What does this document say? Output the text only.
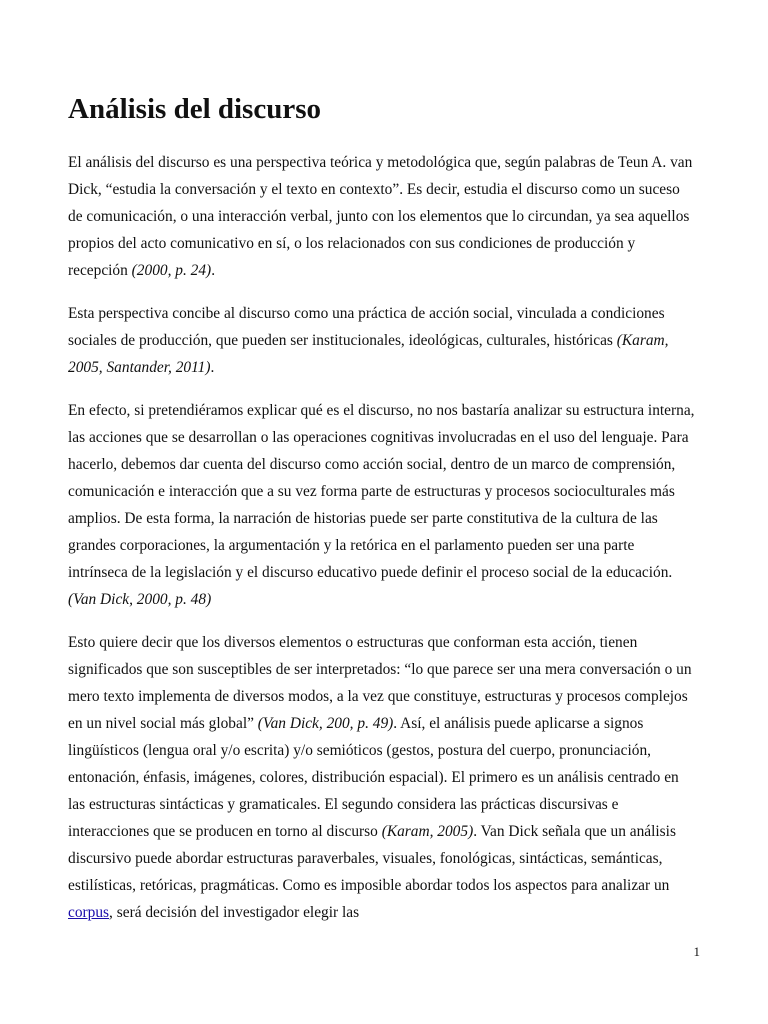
Análisis del discurso

El análisis del discurso es una perspectiva teórica y metodológica que, según palabras de Teun A. van Dick, “estudia la conversación y el texto en contexto”. Es decir, estudia el discurso como un suceso de comunicación, o una interacción verbal, junto con los elementos que lo circundan, ya sea aquellos propios del acto comunicativo en sí, o los relacionados con sus condiciones de producción y recepción (2000, p. 24).

Esta perspectiva concibe al discurso como una práctica de acción social, vinculada a condiciones sociales de producción, que pueden ser institucionales, ideológicas, culturales, históricas (Karam, 2005, Santander, 2011).

En efecto, si pretendiéramos explicar qué es el discurso, no nos bastaría analizar su estructura interna, las acciones que se desarrollan o las operaciones cognitivas involucradas en el uso del lenguaje. Para hacerlo, debemos dar cuenta del discurso como acción social, dentro de un marco de comprensión, comunicación e interacción que a su vez forma parte de estructuras y procesos socioculturales más amplios. De esta forma, la narración de historias puede ser parte constitutiva de la cultura de las grandes corporaciones, la argumentación y la retórica en el parlamento pueden ser una parte intrínseca de la legislación y el discurso educativo puede definir el proceso social de la educación. (Van Dick, 2000, p. 48)

Esto quiere decir que los diversos elementos o estructuras que conforman esta acción, tienen significados que son susceptibles de ser interpretados: “lo que parece ser una mera conversación o un mero texto implementa de diversos modos, a la vez que constituye, estructuras y procesos complejos en un nivel social más global” (Van Dick, 200, p. 49). Así, el análisis puede aplicarse a signos lingüísticos (lengua oral y/o escrita) y/o semióticos (gestos, postura del cuerpo, pronunciación, entonación, énfasis, imágenes, colores, distribución espacial). El primero es un análisis centrado en las estructuras sintácticas y gramaticales. El segundo considera las prácticas discursivas e interacciones que se producen en torno al discurso (Karam, 2005). Van Dick señala que un análisis discursivo puede abordar estructuras paraverbales, visuales, fonológicas, sintácticas, semánticas, estilísticas, retóricas, pragmáticas. Como es imposible abordar todos los aspectos para analizar un corpus, será decisión del investigador elegir las

1
